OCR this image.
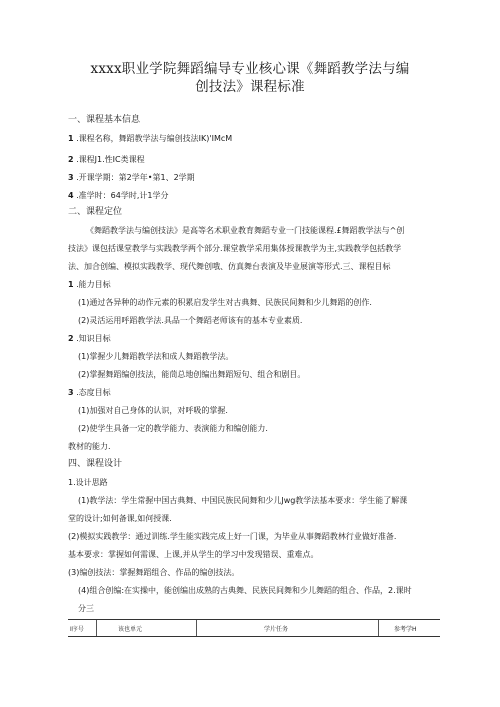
xxxx职业学院舞蹈编导专业核心课《舞蹈教学法与编
创技法》课程标准
一、课程基本信息
1 .课程名称，舞蹈教学法与编创技法IK)'IMcM
2 .课程J1.性IC类课程
3 .开课学期：第2学年•第1、2学期
4 .准学时：64学时,计1学分
二、课程定位
《舞蹈教学法与编创技法》是高等名术职业教育舞蹈专业一门技能课程.£舞蹈教学法与^创
技法》课包括课堂教学与实践教学两个部分.课堂教学采用集体授课教学为主,实践教学包括教学
法、加合创编、模拟实践教学、现代舞创哦、仿真舞台表演及毕业展演等形式.三、课程目标
1 .能力目标
(1)通过各异种的动作元素的积累启发学生对古典舞、民族民间舞和少儿舞蹈的创作.
(2)灵活运用呼蹈教学法.具品一个舞蹈老师该有的基本专业素质.
2 .知识目标
(1)掌握少儿舞蹈教学法和成人舞蹈教学法。
(2)掌握舞蹈编创技法，能茼总地创编出舞蹈短句、组合和剧目。
3 .态度目标
(1)加强对自己身体的认识，对呼吸的掌握.
(2)使学生具备一定的教学能力、表演能力和编创能力.
教材的能力.
四、课程设计
1.设计思路
(1)教学法：学生常握中国古典舞、中国民族民间舞和少儿Jwg教学法基本要求：学生能了解课
堂的设计;如何备课,如何授课.
(2)模拟实践教学：通过训练.学生能实践完成上好一门课，为毕业从事舞蹈教林行业做好准备.
基本要求：掌握如何需课、上课,并从学生的学习中发现错误、重难点。
(3)编创技法：掌握舞蹈组合、作品的编创技法。
(4)组合创编:在实操中，能创编出成熟的古典舞、民族民间舞和少儿舞蹈的组合、作品，2.课时
分三
I序号	该也单元	学片任务	参考学H
